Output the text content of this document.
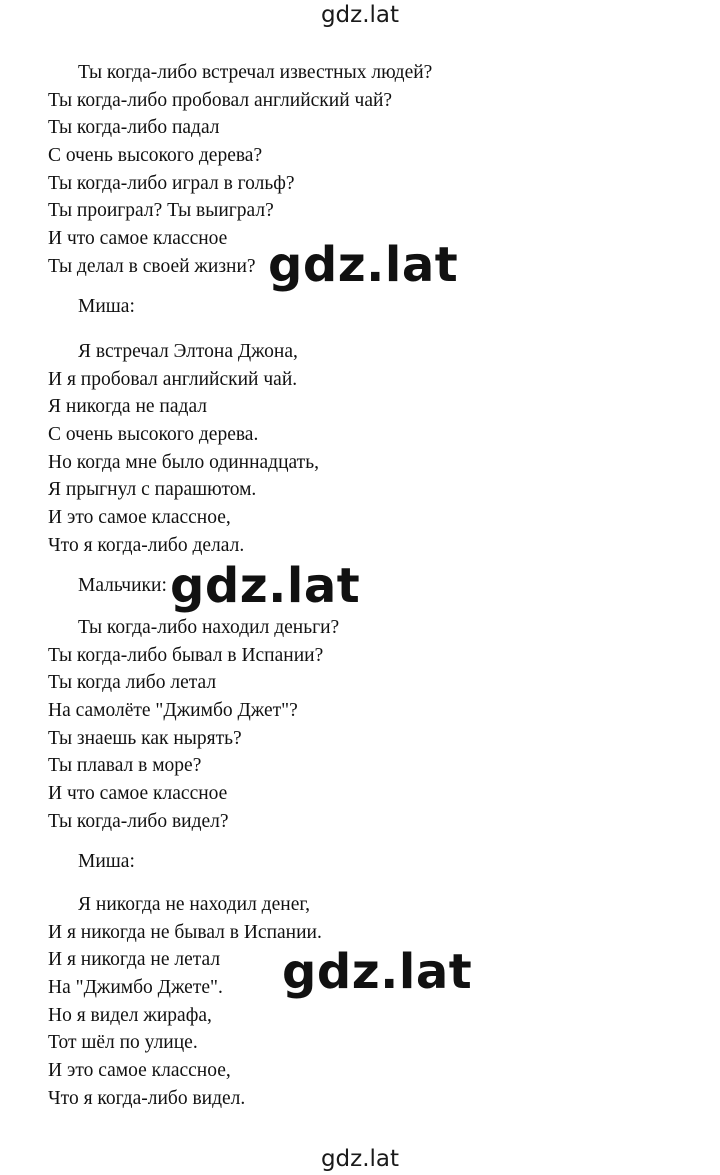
gdz.lat
Ты когда-либо встречал известных людей?
Ты когда-либо пробовал английский чай?
Ты когда-либо падал
С очень высокого дерева?
Ты когда-либо играл в гольф?
Ты проиграл? Ты выиграл?
И что самое классное
Ты делал в своей жизни?
Миша:
Я встречал Элтона Джона,
И я пробовал английский чай.
Я никогда не падал
С очень высокого дерева.
Но когда мне было одиннадцать,
Я прыгнул с парашютом.
И это самое классное,
Что я когда-либо делал.
Мальчики:
Ты когда-либо находил деньги?
Ты когда-либо бывал в Испании?
Ты когда либо летал
На самолёте "Джимбо Джет"?
Ты знаешь как нырять?
Ты плавал в море?
И что самое классное
Ты когда-либо видел?
Миша:
Я никогда не находил денег,
И я никогда не бывал в Испании.
И я никогда не летал
На "Джимбо Джете".
Но я видел жирафа,
Тот шёл по улице.
И это самое классное,
Что я когда-либо видел.
gdz.lat
gdz.lat
gdz.lat
gdz.lat
